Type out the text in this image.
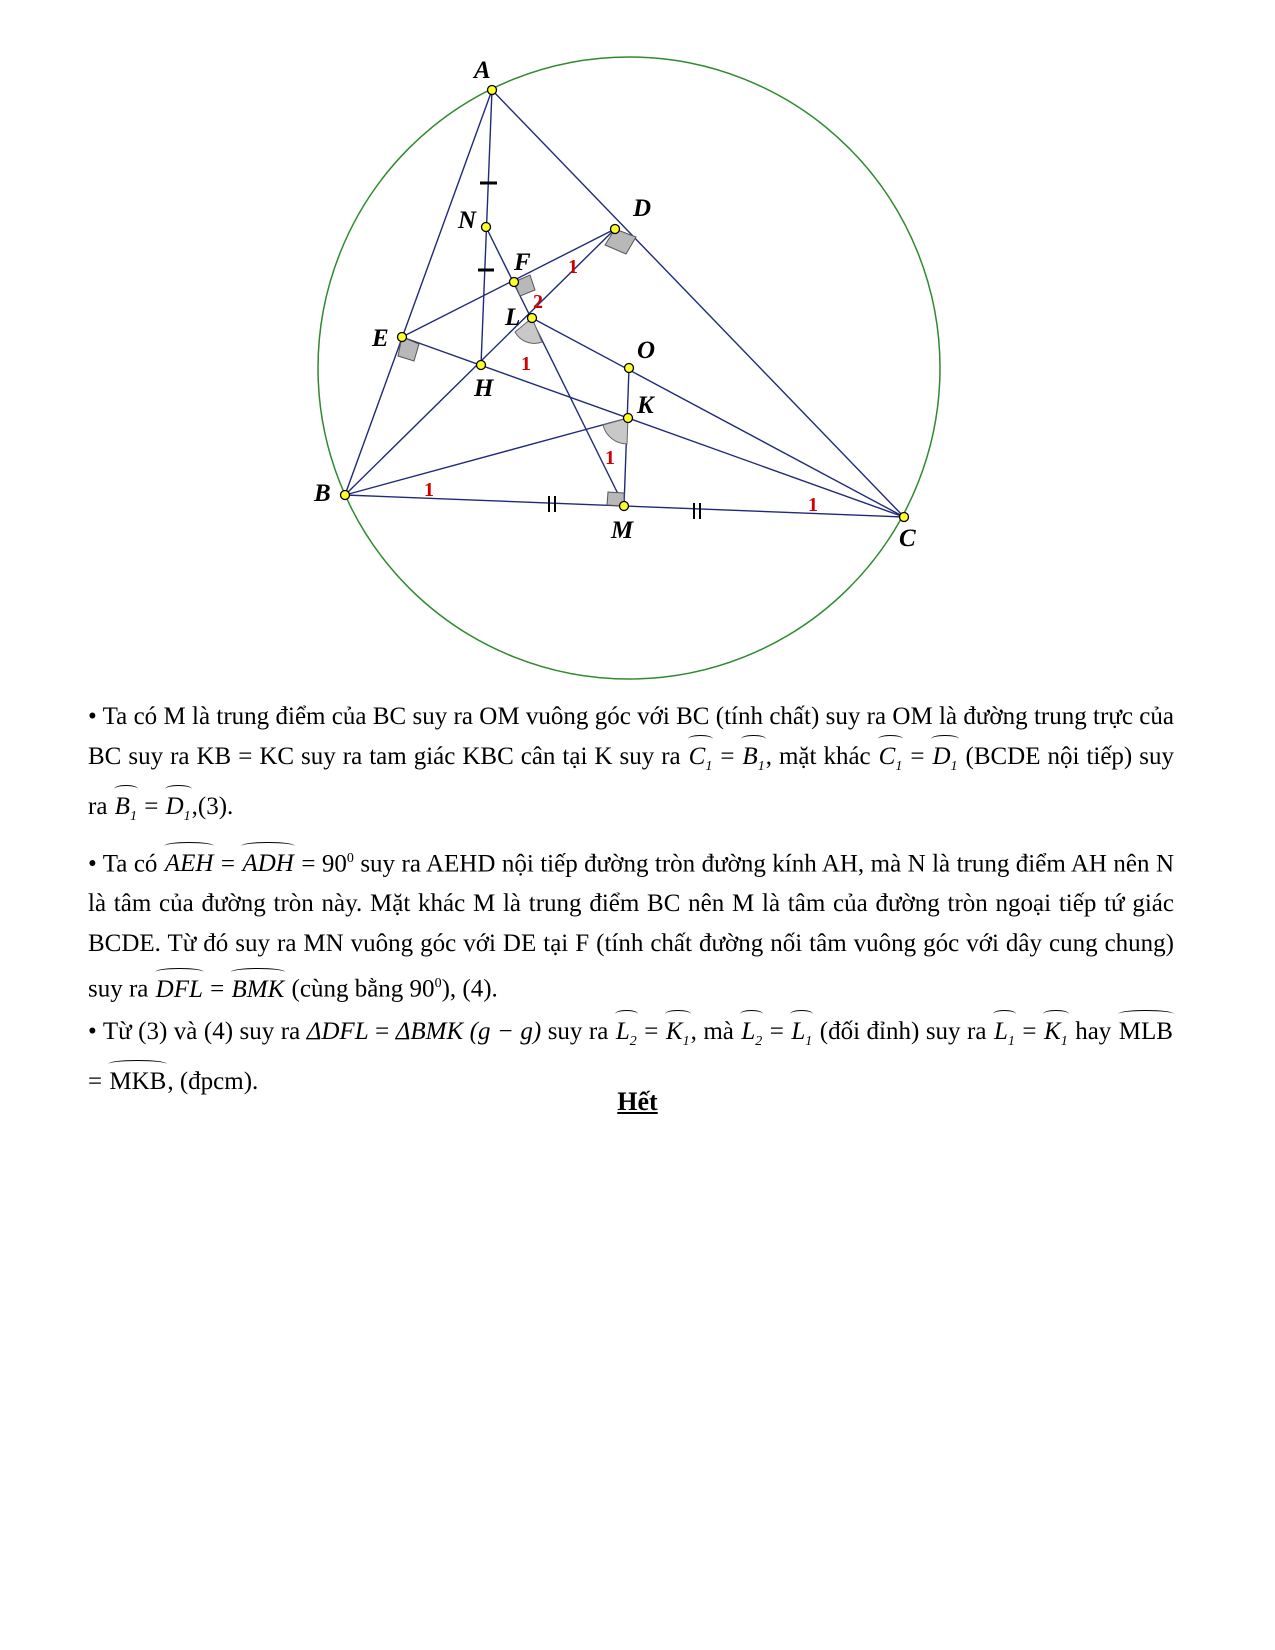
A
B
C
D
E
F
H
K
L
M
N
O
1
2
1
1
1
1

• Ta có M là trung điểm của BC suy ra OM vuông góc với BC (tính chất) suy ra OM là đường trung trực của BC suy ra KB = KC suy ra tam giác KBC cân tại K suy ra $C_1 = B_1$, mặt khác $C_1 = D_1$ (BCDE nội tiếp) suy ra $B_1 = D_1,(3)$.

• Ta có AEH = ADH = $90^0$ suy ra AEHD nội tiếp đường tròn đường kính AH, mà N là trung điểm AH nên N là tâm của đường tròn này. Mặt khác M là trung điểm BC nên M là tâm của đường tròn ngoại tiếp tứ giác BCDE. Từ đó suy ra MN vuông góc với DE tại F (tính chất đường nối tâm vuông góc với dây cung chung) suy ra DFL = BMK (cùng bằng $90^0$), (4).

• Từ (3) và (4) suy ra ΔDFL = ΔBMK (g − g) suy ra $L_2 = K_1$, mà $L_2 = L_1$ (đối đỉnh) suy ra $L_1 = K_1$ hay MLB = MKB, (đpcm).

Hết
